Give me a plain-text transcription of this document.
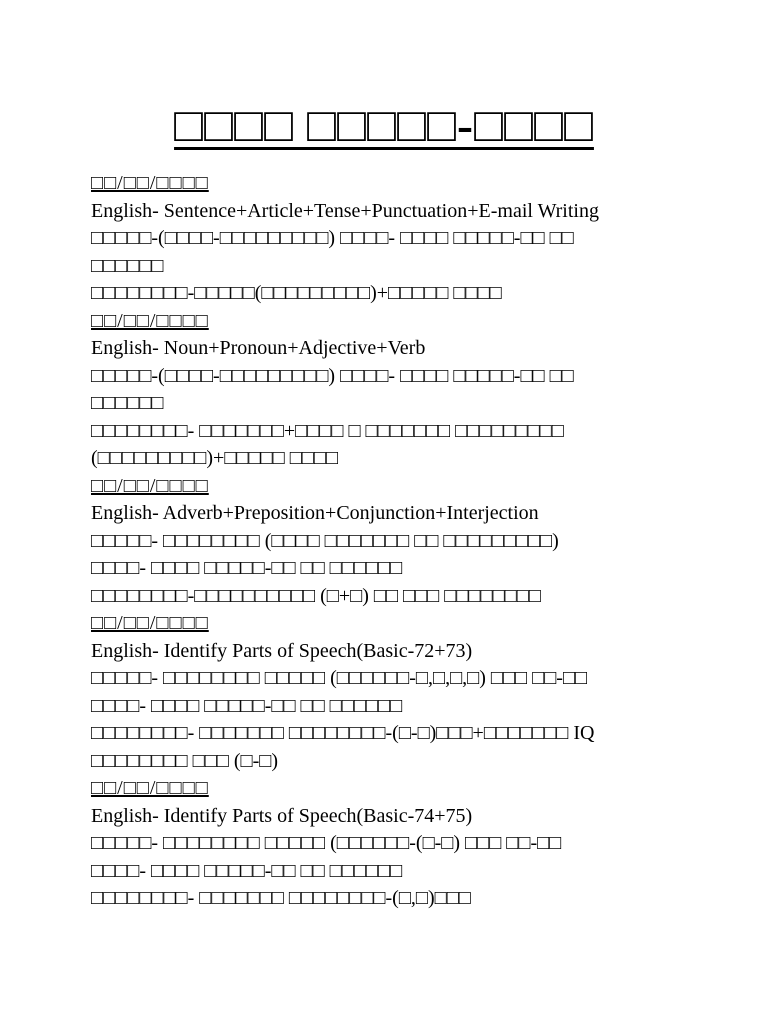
□□□□ □□□□□-□□□□
□□/□□/□□□□
English- Sentence+Article+Tense+Punctuation+E-mail Writing
□□□□□-(□□□□-□□□□□□□□□) □□□□- □□□□ □□□□□-□□ □□
□□□□□□
□□□□□□□□-□□□□□(□□□□□□□□□)+□□□□□ □□□□
□□/□□/□□□□
English- Noun+Pronoun+Adjective+Verb
□□□□□-(□□□□-□□□□□□□□□) □□□□- □□□□ □□□□□-□□ □□
□□□□□□
□□□□□□□□- □□□□□□□+□□□□ □ □□□□□□□ □□□□□□□□□
(□□□□□□□□□)+□□□□□ □□□□
□□/□□/□□□□
English- Adverb+Preposition+Conjunction+Interjection
□□□□□- □□□□□□□□ (□□□□ □□□□□□□ □□ □□□□□□□□□)
□□□□- □□□□ □□□□□-□□ □□ □□□□□□
□□□□□□□□-□□□□□□□□□□ (□+□) □□ □□□ □□□□□□□□
□□/□□/□□□□
English- Identify Parts of Speech(Basic-72+73)
□□□□□- □□□□□□□□ □□□□□ (□□□□□□-□,□,□,□) □□□ □□-□□
□□□□- □□□□ □□□□□-□□ □□ □□□□□□
□□□□□□□□- □□□□□□□ □□□□□□□□-(□-□)□□□+□□□□□□□ IQ
□□□□□□□□ □□□ (□-□)
□□/□□/□□□□
English- Identify Parts of Speech(Basic-74+75)
□□□□□- □□□□□□□□ □□□□□ (□□□□□□-(□-□) □□□ □□-□□
□□□□- □□□□ □□□□□-□□ □□ □□□□□□
□□□□□□□□- □□□□□□□ □□□□□□□□-(□,□)□□□
